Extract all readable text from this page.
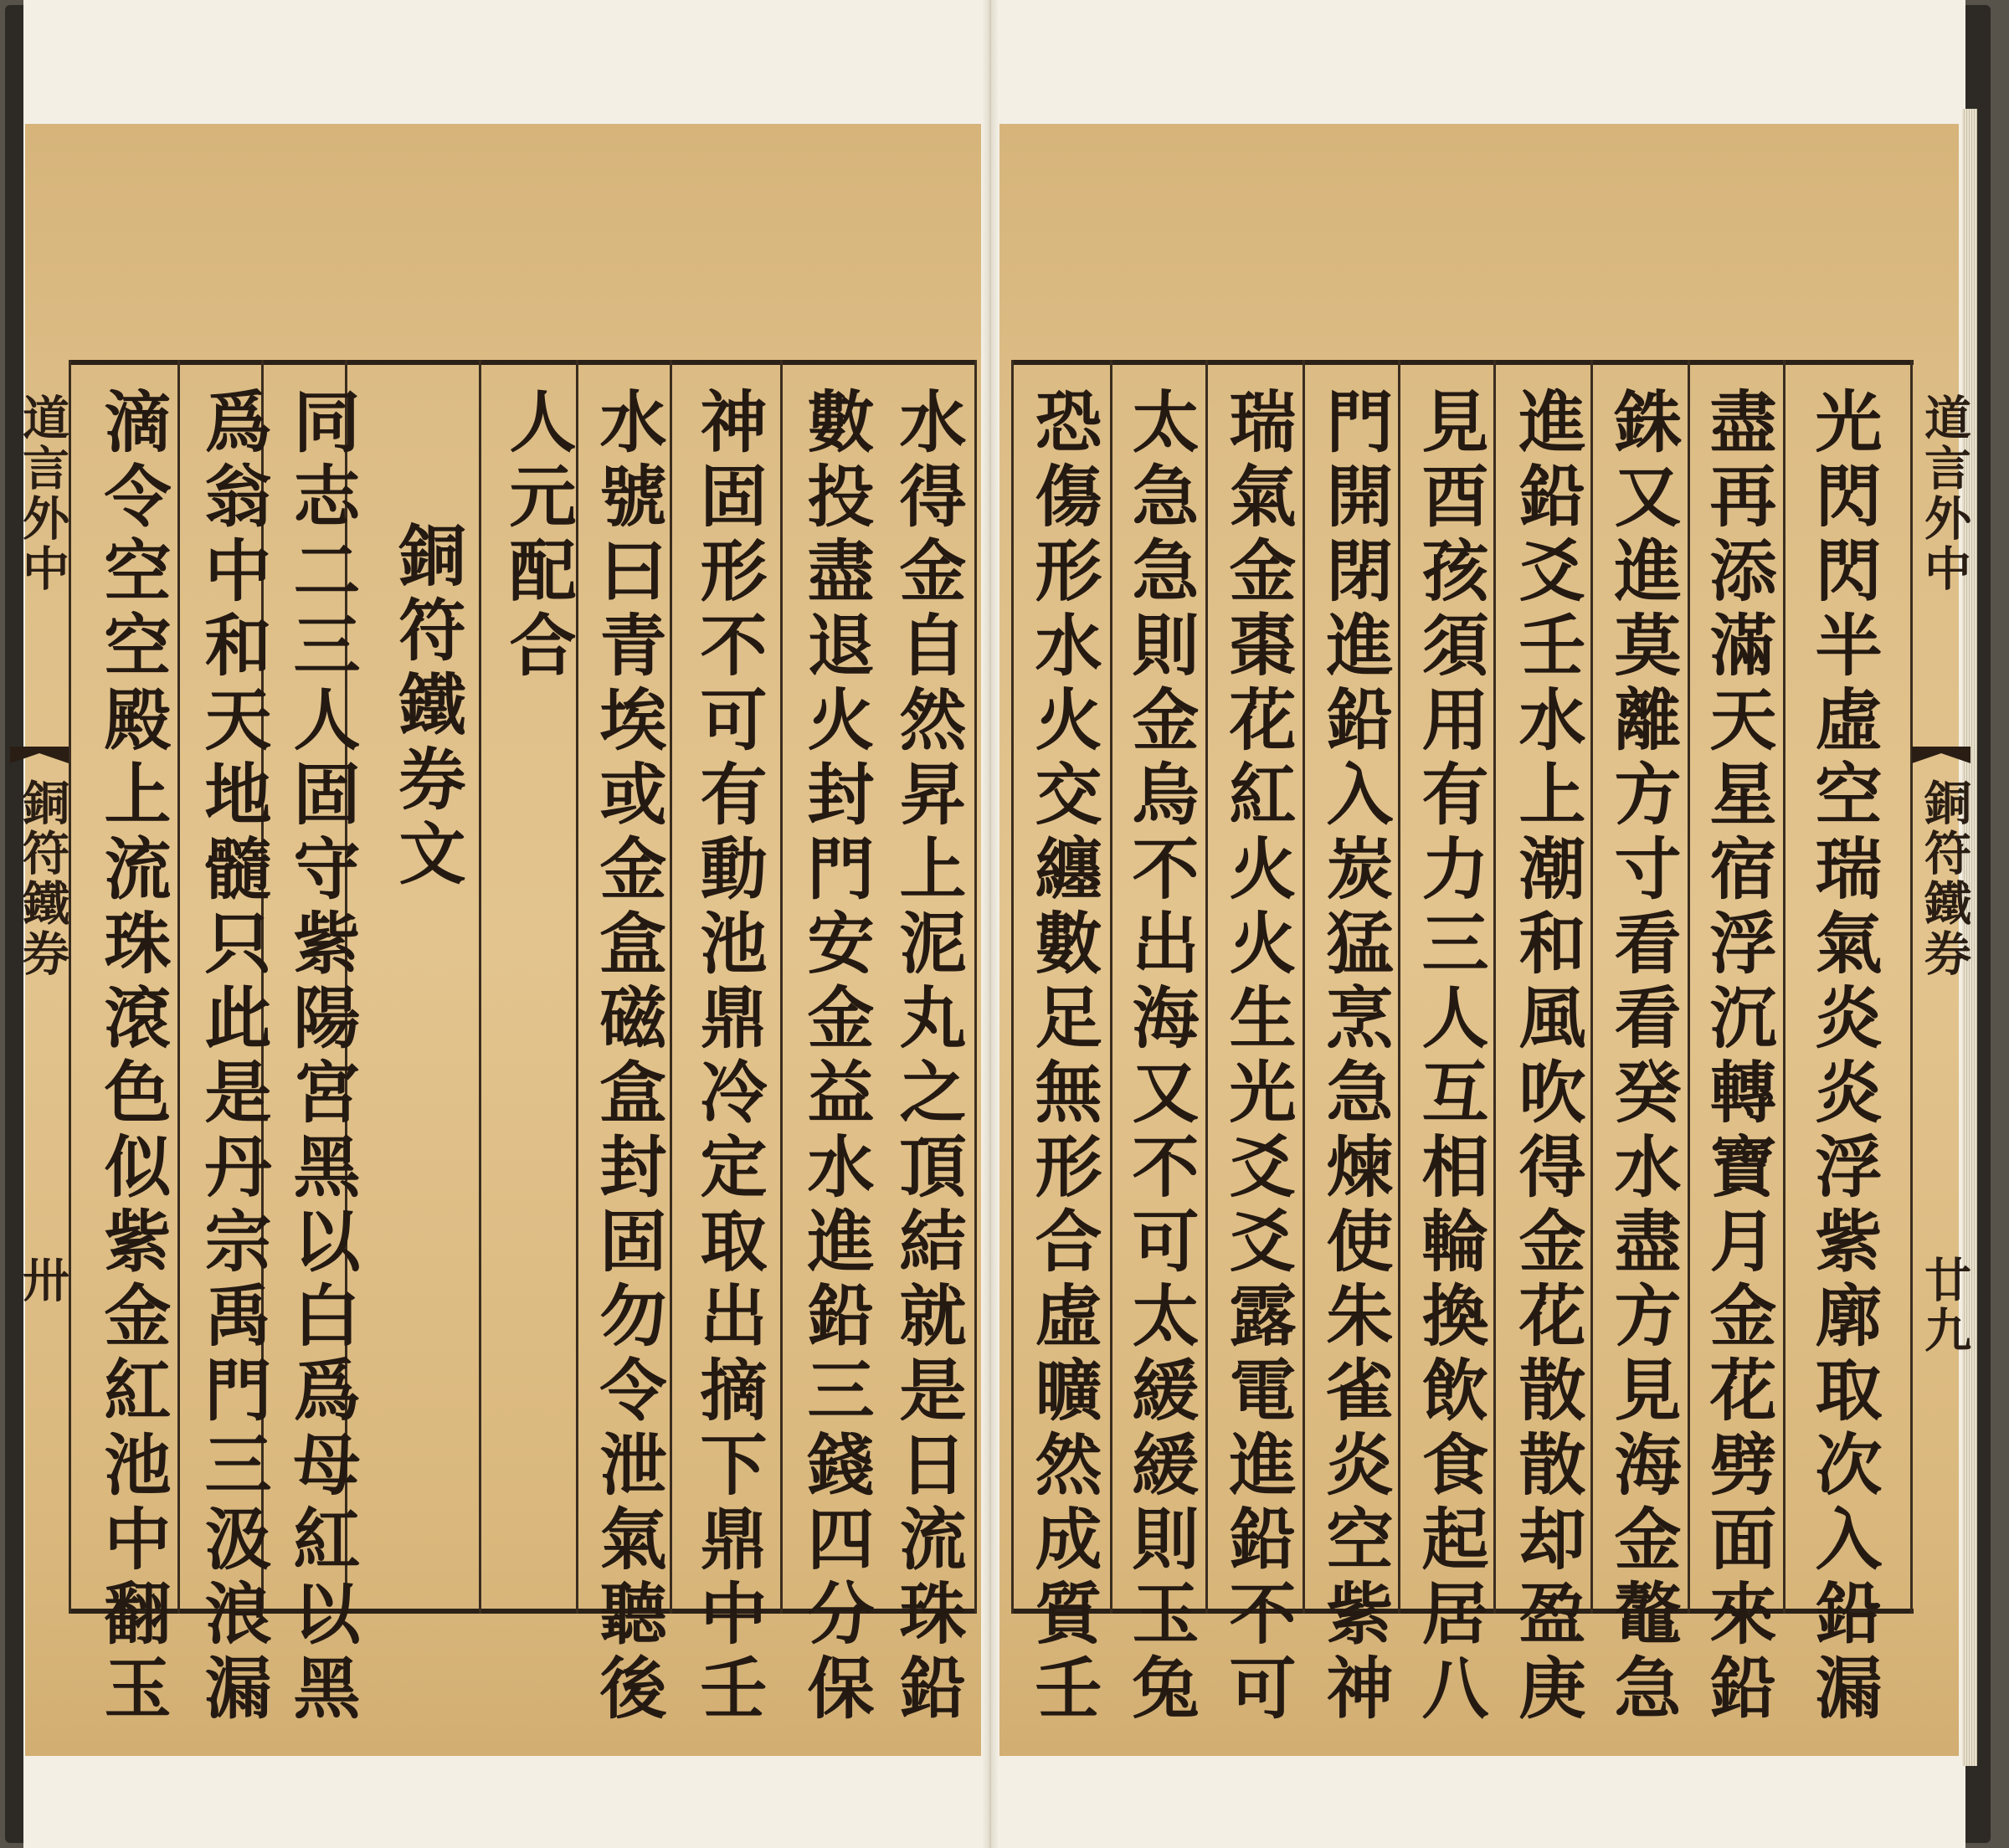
道言外中
銅符鐵券
卅	水得金自然昇上泥丸之頂結就是日流珠鉛
數投盡退火封門安金益水進鉛三錢四分保
神固形不可有動池鼎冷定取出摘下鼎中壬
水號曰青埃或金盒磁盒封固勿令泄氣聽後
人元配合
銅符鐵券文
同志二三人固守紫陽宮黑以白爲母紅以黑
爲翁中和天地髓只此是丹宗禹門三汲浪漏
滴令空空殿上流珠滾色似紫金紅池中翻玉	光閃閃半虛空瑞氣炎炎浮紫廓取次入鉛漏
盡再添滿天星宿浮沉轉寶月金花劈面來鉛
銖又進莫離方寸看看癸水盡方見海金鼇急
進鉛爻壬水上潮和風吹得金花散散却盈庚
見酉孩須用有力三人互相輪換飲食起居八
門開閉進鉛入炭猛烹急煉使朱雀炎空紫神
瑞氣金棗花紅火火生光爻爻露電進鉛不可
太急急則金烏不出海又不可太緩緩則玉兔
恐傷形水火交纏數足無形合虛曠然成質壬	道言外中
銅符鐵券
廿九
